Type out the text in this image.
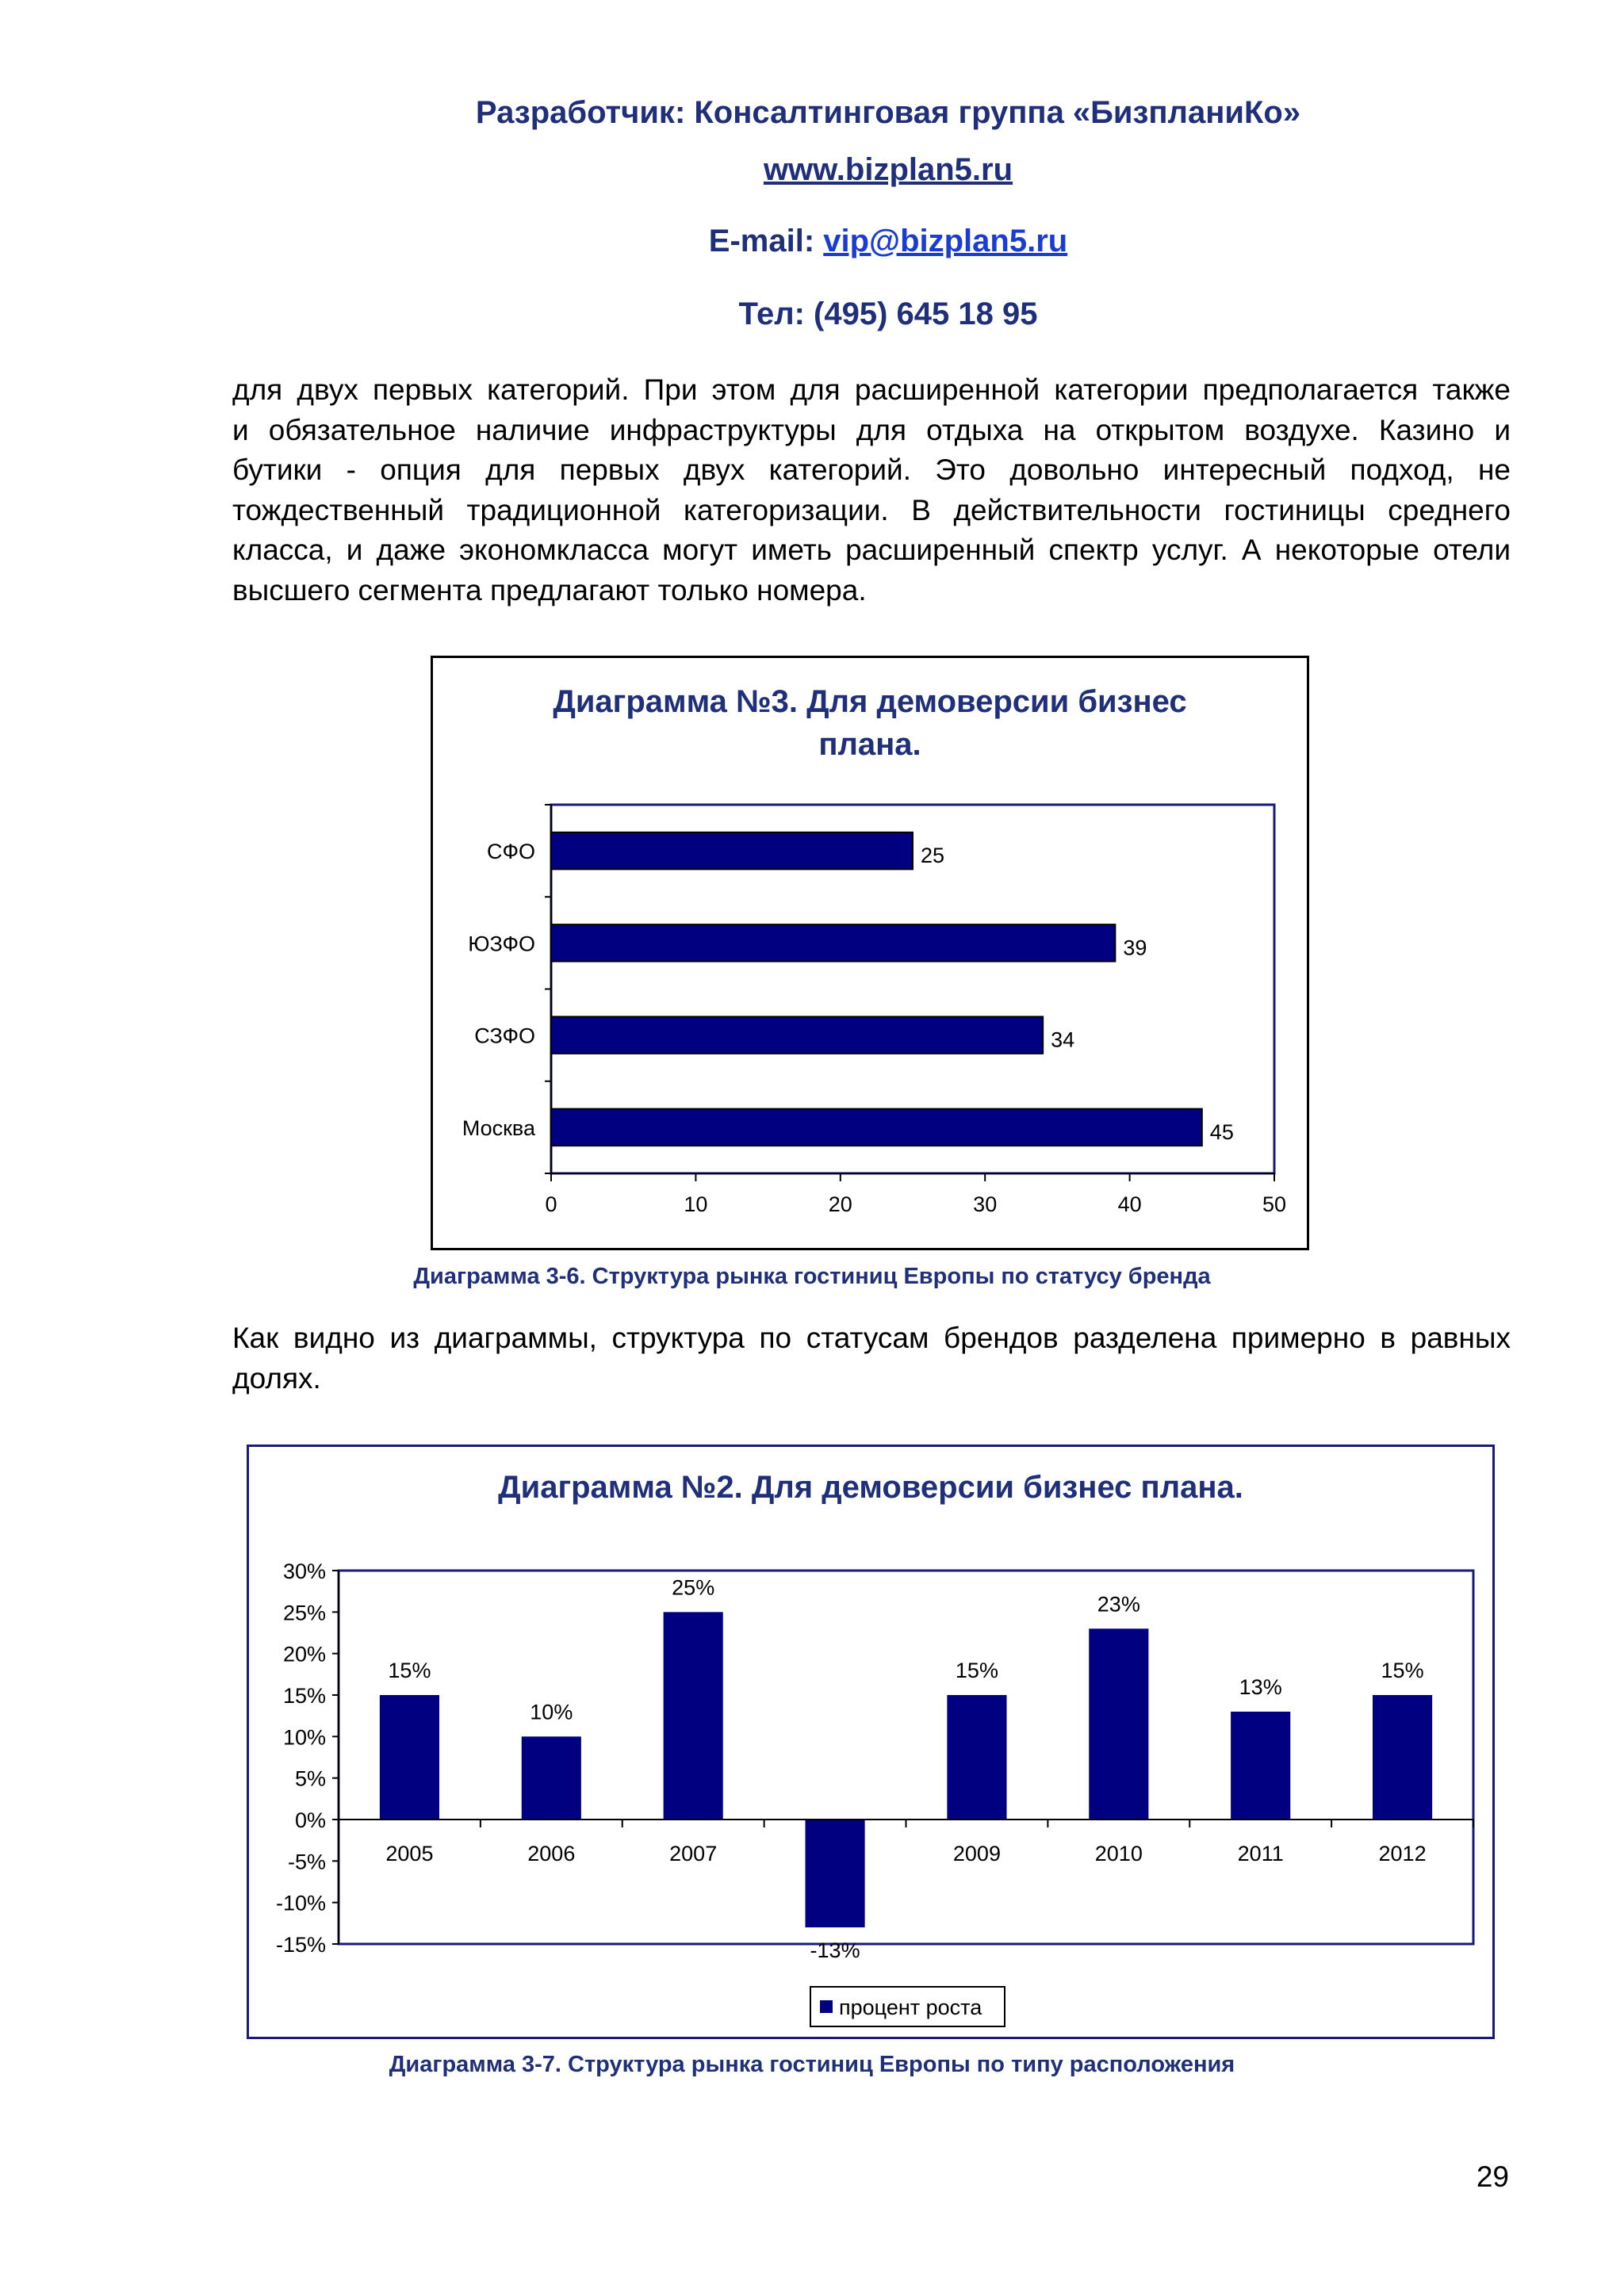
Разработчик: Консалтинговая группа «БизпланиКо»
www.bizplan5.ru
E-mail: vip@bizplan5.ru
Тел: (495) 645 18 95
для двух первых категорий. При этом для расширенной категории предполагается также
и обязательное наличие инфраструктуры для отдыха на открытом воздухе. Казино и
бутики - опция для первых двух категорий. Это довольно интересный подход, не
тождественный традиционной категоризации. В действительности гостиницы среднего
класса, и даже экономкласса могут иметь расширенный спектр услуг. А некоторые отели
высшего сегмента предлагают только номера.
Диаграмма №3. Для демоверсии бизнес
плана.
СФО	25
ЮЗФО	39
СЗФО	34
Москва	45
0	10	20	30	40	50
Диаграмма 3-6. Структура рынка гостиниц Европы по статусу бренда
Как видно из диаграммы, структура по статусам брендов разделена примерно в равных
долях.
Диаграмма №2. Для демоверсии бизнес плана.
15%
2005
10%
2006
25%
2007
-13%
15%
2009
23%
2010
13%
2011
15%
2012
30%
25%
20%
15%
10%
5%
0%
-5%
-10%
-15%
процент роста
Диаграмма 3-7. Структура рынка гостиниц Европы по типу расположения
29
